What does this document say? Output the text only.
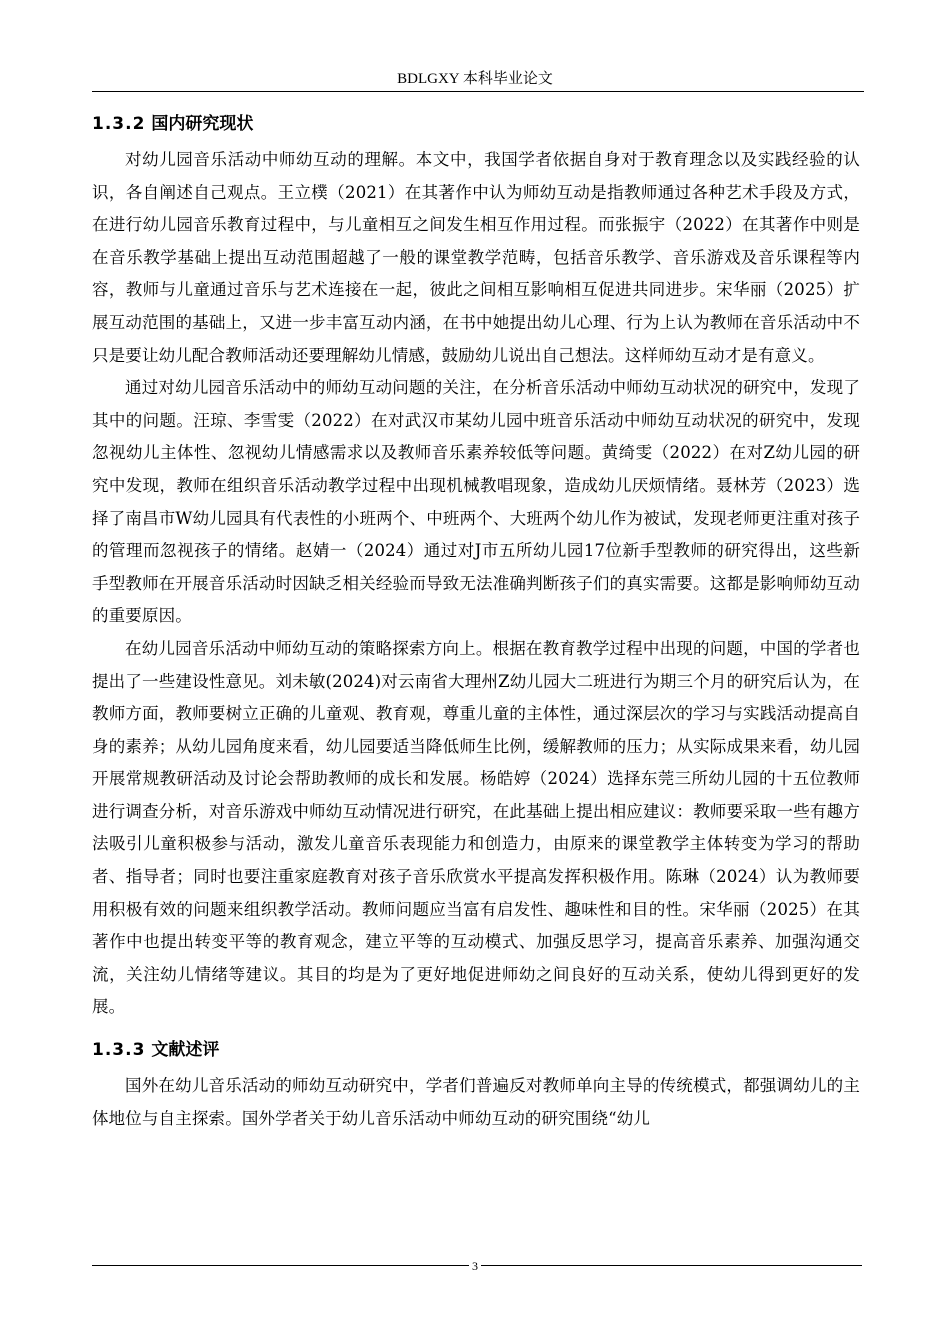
BDLGXY 本科毕业论文
1.3.2 国内研究现状

对幼儿园音乐活动中师幼互动的理解。本文中，我国学者依据自身对于教育理念以及实践经验的认识，各自阐述自己观点。王立樸（2021）在其著作中认为师幼互动是指教师通过各种艺术手段及方式，在进行幼儿园音乐教育过程中，与儿童相互之间发生相互作用过程。而张振宇（2022）在其著作中则是在音乐教学基础上提出互动范围超越了一般的课堂教学范畴，包括音乐教学、音乐游戏及音乐课程等内容，教师与儿童通过音乐与艺术连接在一起，彼此之间相互影响相互促进共同进步。宋华丽（2025）扩展互动范围的基础上，又进一步丰富互动内涵，在书中她提出幼儿心理、行为上认为教师在音乐活动中不只是要让幼儿配合教师活动还要理解幼儿情感，鼓励幼儿说出自己想法。这样师幼互动才是有意义。

通过对幼儿园音乐活动中的师幼互动问题的关注，在分析音乐活动中师幼互动状况的研究中，发现了其中的问题。汪琼、李雪雯（2022）在对武汉市某幼儿园中班音乐活动中师幼互动状况的研究中，发现忽视幼儿主体性、忽视幼儿情感需求以及教师音乐素养较低等问题。黄绮雯（2022）在对Z幼儿园的研究中发现，教师在组织音乐活动教学过程中出现机械教唱现象，造成幼儿厌烦情绪。聂林芳（2023）选择了南昌市W幼儿园具有代表性的小班两个、中班两个、大班两个幼儿作为被试，发现老师更注重对孩子的管理而忽视孩子的情绪。赵婧一（2024）通过对J市五所幼儿园17位新手型教师的研究得出，这些新手型教师在开展音乐活动时因缺乏相关经验而导致无法准确判断孩子们的真实需要。这都是影响师幼互动的重要原因。

在幼儿园音乐活动中师幼互动的策略探索方向上。根据在教育教学过程中出现的问题，中国的学者也提出了一些建设性意见。刘未敏(2024)对云南省大理州Z幼儿园大二班进行为期三个月的研究后认为，在教师方面，教师要树立正确的儿童观、教育观，尊重儿童的主体性，通过深层次的学习与实践活动提高自身的素养；从幼儿园角度来看，幼儿园要适当降低师生比例，缓解教师的压力；从实际成果来看，幼儿园开展常规教研活动及讨论会帮助教师的成长和发展。杨皓婷（2024）选择东莞三所幼儿园的十五位教师进行调查分析，对音乐游戏中师幼互动情况进行研究，在此基础上提出相应建议：教师要采取一些有趣方法吸引儿童积极参与活动，激发儿童音乐表现能力和创造力，由原来的课堂教学主体转变为学习的帮助者、指导者；同时也要注重家庭教育对孩子音乐欣赏水平提高发挥积极作用。陈琳（2024）认为教师要用积极有效的问题来组织教学活动。教师问题应当富有启发性、趣味性和目的性。宋华丽（2025）在其著作中也提出转变平等的教育观念，建立平等的互动模式、加强反思学习，提高音乐素养、加强沟通交流，关注幼儿情绪等建议。其目的均是为了更好地促进师幼之间良好的互动关系，使幼儿得到更好的发展。

1.3.3 文献述评

国外在幼儿音乐活动的师幼互动研究中，学者们普遍反对教师单向主导的传统模式，都强调幼儿的主体地位与自主探索。国外学者关于幼儿音乐活动中师幼互动的研究围绕“幼儿

3
